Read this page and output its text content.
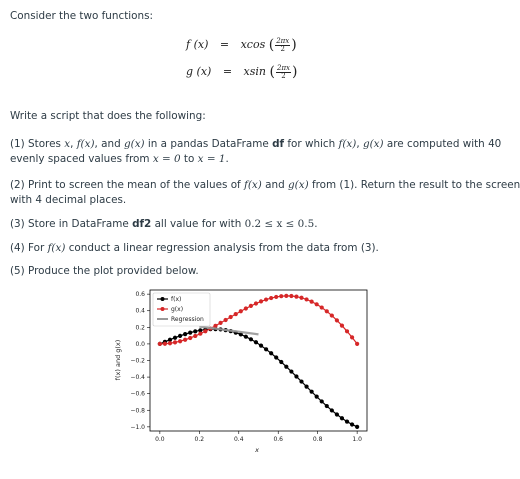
Consider the two functions:

f (x) = xcos ( $\frac{2\pi x}{2}$ )
g (x) = xsin ( $\frac{2\pi x}{2}$ )

Write a script that does the following:

(1) Stores x, f(x), and g(x) in a pandas DataFrame df for which f(x), g(x) are computed with 40

evenly spaced values from x = 0 to x = 1.

(2) Print to screen the mean of the values of f(x) and g(x) from (1). Return the result to the screen

with 4 decimal places.

(3) Store in DataFrame df2 all value for with 0.2 ≤ x ≤ 0.5.

(4) For f(x) conduct a linear regression analysis from the data from (3).

(5) Produce the plot provided below.

f(x) and g(x)
x
0.0	0.2	0.4	0.6	0.8	1.0
0.6
0.4
0.2
0.0
−0.2
−0.4
−0.6
−0.8
−1.0
f(x)
g(x)
Regression
